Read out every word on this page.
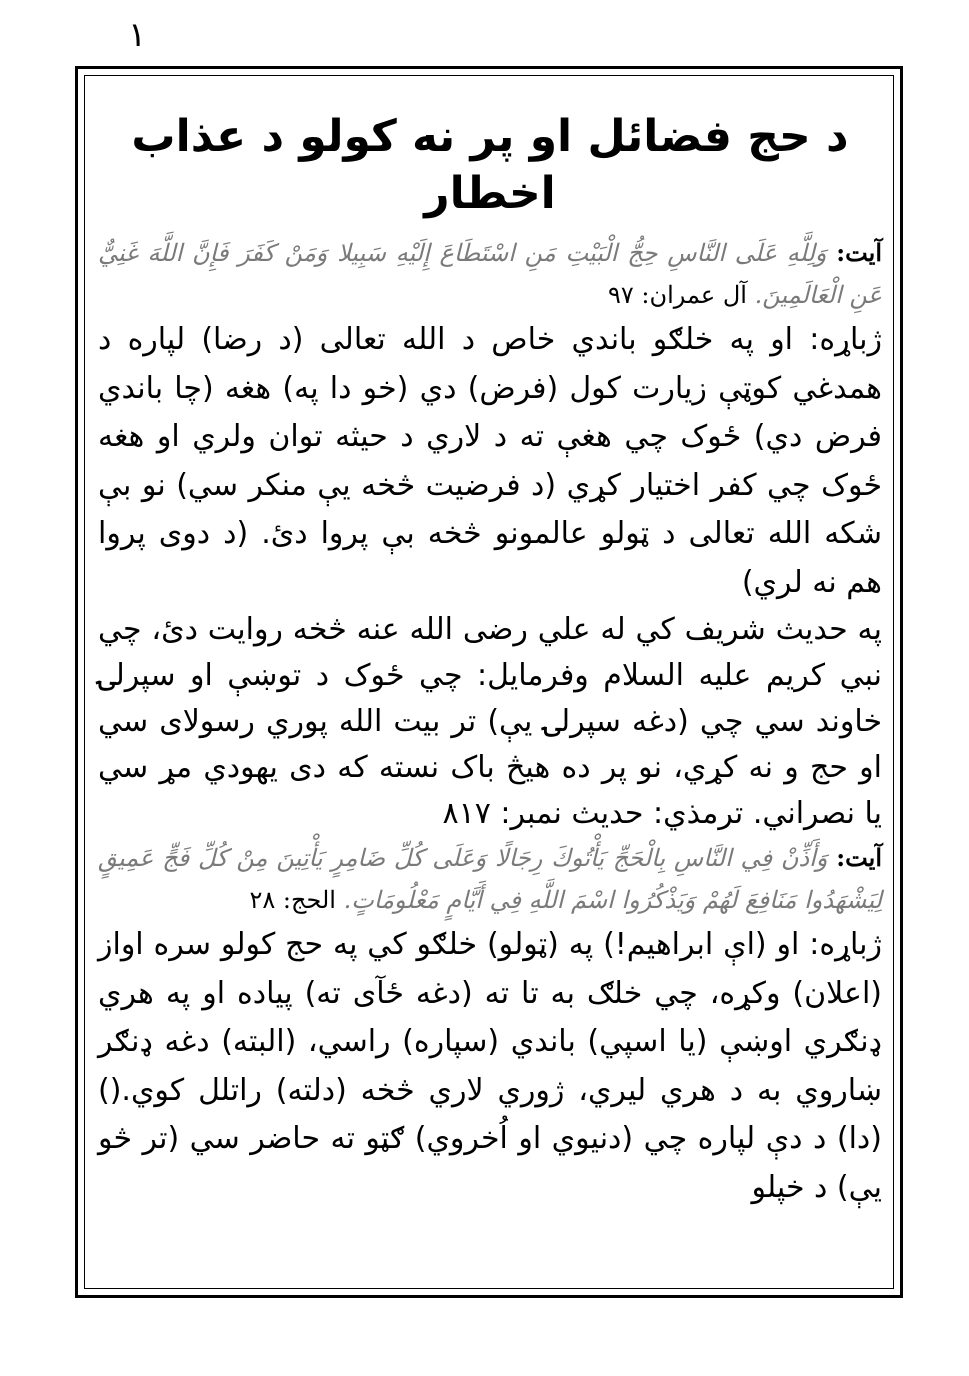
١
د حج فضائل او پر نه کولو د عذاب اخطار

آيت: وَلِلَّهِ عَلَى النَّاسِ حِجُّ الْبَيْتِ مَنِ اسْتَطَاعَ إِلَيْهِ سَبِيلا وَمَنْ كَفَرَ فَإِنَّ اللَّهَ غَنِيٌّ عَنِ الْعَالَمِينَ. آل عمران: ٩٧

ژباړه: او په خلګو باندي خاص د الله تعالی (د رضا) لپاره د همدغي کوټې زيارت کول (فرض) دي (خو دا په) هغه (چا باندي فرض دي) ځوک چي هغې ته د لاري د حيثه توان ولري او هغه ځوک چي کفر اختيار کړي (د فرضيت څخه يې منکر سي) نو بې شکه الله تعالی د ټولو عالمونو څخه بې پروا دئ. (د دوی پروا هم نه لري)

په حديث شريف کي له علي رضی الله عنه څخه روايت دئ، چي نبي کريم عليه السلام وفرمايل: چي ځوک د توښې او سپرلۍ خاوند سي چي (دغه سپرلۍ يې) تر بيت الله پوري رسولای سي او حج و نه کړي، نو پر ده هيڅ باک نسته که دی يهودي مړ سي يا نصراني. ترمذي: حديث نمبر: ٨١٧

آيت: وَأَذِّنْ فِي النَّاسِ بِالْحَجِّ يَأْتُوكَ رِجَالًا وَعَلَى كُلِّ ضَامِرٍ يَأْتِينَ مِنْ كُلِّ فَجٍّ عَمِيقٍ لِيَشْهَدُوا مَنَافِعَ لَهُمْ وَيَذْكُرُوا اسْمَ اللَّهِ فِي أَيَّامٍ مَعْلُومَاتٍ. الحج: ٢٨

ژباړه: او (اې ابراهيم!) په (ټولو) خلګو کي په حج کولو سره اواز (اعلان) وکړه، چي خلګ به تا ته (دغه ځآی ته) پياده او په هري ډنګري اوښې (يا اسپي) باندي (سپاره) راسي، (البته) دغه ډنګر ښاروي به د هري ليري، ژوري لاري څخه (دلته) راتلل کوي.() (دا) د دې لپاره چي (دنيوي او اُخروي) ګټو ته حاضر سي (تر څو يې) د خپلو
